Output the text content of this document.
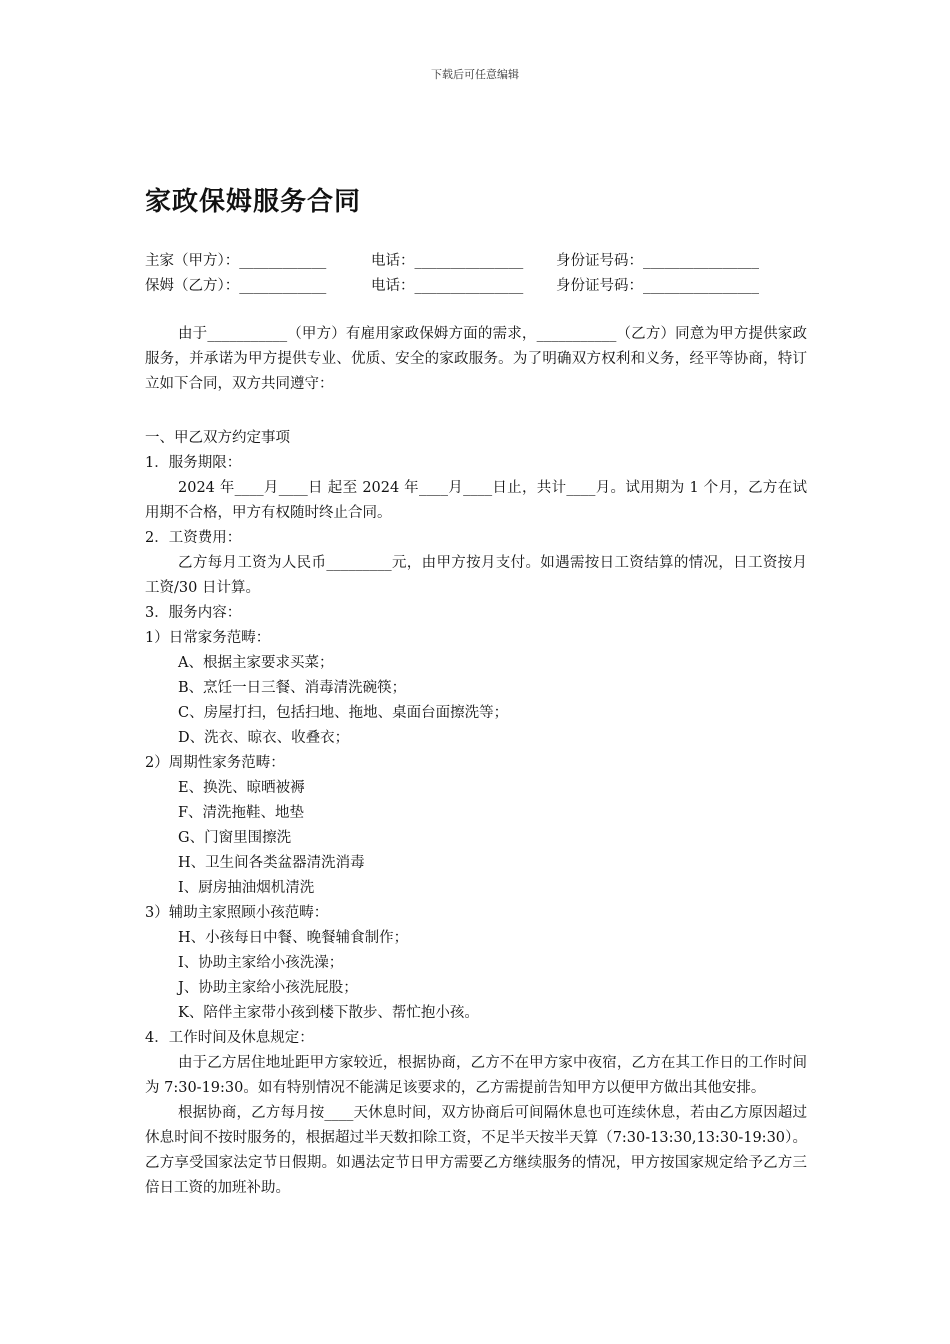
下载后可任意编辑
家政保姆服务合同
主家（甲方）：____________	电话：_______________ 身份证号码：________________
保姆（乙方）：____________	电话：_______________ 身份证号码：________________

由于___________（甲方）有雇用家政保姆方面的需求，___________（乙方）同意为甲方提供家政服务，并承诺为甲方提供专业、优质、安全的家政服务。为了明确双方权利和义务，经平等协商，特订立如下合同，双方共同遵守：

一、甲乙双方约定事项

1．服务期限：

2024 年____月____日 起至 2024 年____月____日止，共计____月。试用期为 1 个月，乙方在试用期不合格，甲方有权随时终止合同。

2．工资费用：

乙方每月工资为人民币_________元，由甲方按月支付。如遇需按日工资结算的情况，日工资按月工资/30 日计算。

3．服务内容：

1）日常家务范畴：

A、根据主家要求买菜；

B、烹饪一日三餐、消毒清洗碗筷；

C、房屋打扫，包括扫地、拖地、桌面台面擦洗等；

D、洗衣、晾衣、收叠衣；

2）周期性家务范畴：

E、换洗、晾晒被褥

F、清洗拖鞋、地垫

G、门窗里围擦洗

H、卫生间各类盆器清洗消毒

I、厨房抽油烟机清洗

3）辅助主家照顾小孩范畴：

H、小孩每日中餐、晚餐辅食制作；

I、协助主家给小孩洗澡；

J、协助主家给小孩洗屁股；

K、陪伴主家带小孩到楼下散步、帮忙抱小孩。

4．工作时间及休息规定：

由于乙方居住地址距甲方家较近，根据协商，乙方不在甲方家中夜宿，乙方在其工作日的工作时间为 7:30-19:30。如有特别情况不能满足该要求的，乙方需提前告知甲方以便甲方做出其他安排。

根据协商，乙方每月按____天休息时间，双方协商后可间隔休息也可连续休息，若由乙方原因超过休息时间不按时服务的，根据超过半天数扣除工资，不足半天按半天算（7:30-13:30,13:30-19:30）。乙方享受国家法定节日假期。如遇法定节日甲方需要乙方继续服务的情况，甲方按国家规定给予乙方三倍日工资的加班补助。
